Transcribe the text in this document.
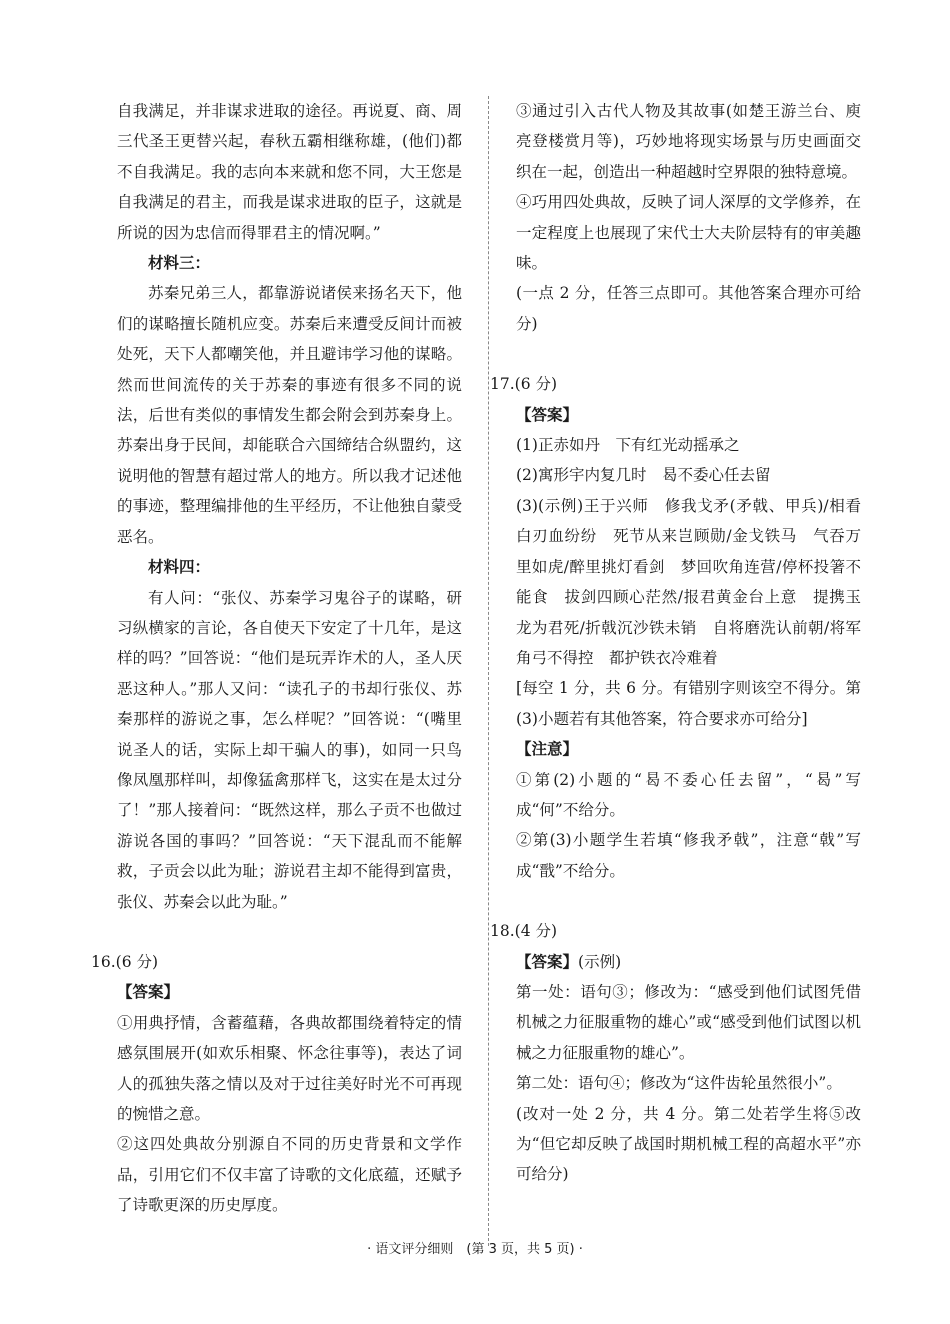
自我满足，并非谋求进取的途径。再说夏、商、周三代圣王更替兴起，春秋五霸相继称雄，(他们)都不自我满足。我的志向本来就和您不同，大王您是自我满足的君主，而我是谋求进取的臣子，这就是所说的因为忠信而得罪君主的情况啊。”

材料三：

苏秦兄弟三人，都靠游说诸侯来扬名天下，他们的谋略擅长随机应变。苏秦后来遭受反间计而被处死，天下人都嘲笑他，并且避讳学习他的谋略。然而世间流传的关于苏秦的事迹有很多不同的说法，后世有类似的事情发生都会附会到苏秦身上。苏秦出身于民间，却能联合六国缔结合纵盟约，这说明他的智慧有超过常人的地方。所以我才记述他的事迹，整理编排他的生平经历，不让他独自蒙受恶名。

材料四：

有人问：“张仪、苏秦学习鬼谷子的谋略，研习纵横家的言论，各自使天下安定了十几年，是这样的吗？”回答说：“他们是玩弄诈术的人，圣人厌恶这种人。”那人又问：“读孔子的书却行张仪、苏秦那样的游说之事，怎么样呢？”回答说：“(嘴里说圣人的话，实际上却干骗人的事)，如同一只鸟像凤凰那样叫，却像猛禽那样飞，这实在是太过分了！”那人接着问：“既然这样，那么子贡不也做过游说各国的事吗？”回答说：“天下混乱而不能解救，子贡会以此为耻；游说君主却不能得到富贵，张仪、苏秦会以此为耻。”

16.(6 分)

【答案】

①用典抒情，含蓄蕴藉，各典故都围绕着特定的情感氛围展开(如欢乐相聚、怀念往事等)，表达了词人的孤独失落之情以及对于过往美好时光不可再现的惋惜之意。

②这四处典故分别源自不同的历史背景和文学作品，引用它们不仅丰富了诗歌的文化底蕴，还赋予了诗歌更深的历史厚度。

③通过引入古代人物及其故事(如楚王游兰台、庾亮登楼赏月等)，巧妙地将现实场景与历史画面交织在一起，创造出一种超越时空界限的独特意境。

④巧用四处典故，反映了词人深厚的文学修养，在一定程度上也展现了宋代士大夫阶层特有的审美趣味。

(一点 2 分，任答三点即可。其他答案合理亦可给分)

17.(6 分)

【答案】

(1)正赤如丹　下有红光动摇承之

(2)寓形宇内复几时　曷不委心任去留

(3)(示例)王于兴师　修我戈矛(矛戟、甲兵)/相看白刃血纷纷　死节从来岂顾勋/金戈铁马　气吞万里如虎/醉里挑灯看剑　梦回吹角连营/停杯投箸不能食　拔剑四顾心茫然/报君黄金台上意　提携玉龙为君死/折戟沉沙铁未销　自将磨洗认前朝/将军角弓不得控　都护铁衣冷难着

[每空 1 分，共 6 分。有错别字则该空不得分。第(3)小题若有其他答案，符合要求亦可给分]

【注意】

①第(2)小题的“曷不委心任去留”，“曷”写成“何”不给分。

②第(3)小题学生若填“修我矛戟”，注意“戟”写成“戬”不给分。

18.(4 分)

【答案】(示例)

第一处：语句③；修改为：“感受到他们试图凭借机械之力征服重物的雄心”或“感受到他们试图以机械之力征服重物的雄心”。

第二处：语句④；修改为“这件齿轮虽然很小”。

(改对一处 2 分，共 4 分。第二处若学生将⑤改为“但它却反映了战国时期机械工程的高超水平”亦可给分)

· 语文评分细则　(第 3 页，共 5 页) ·
